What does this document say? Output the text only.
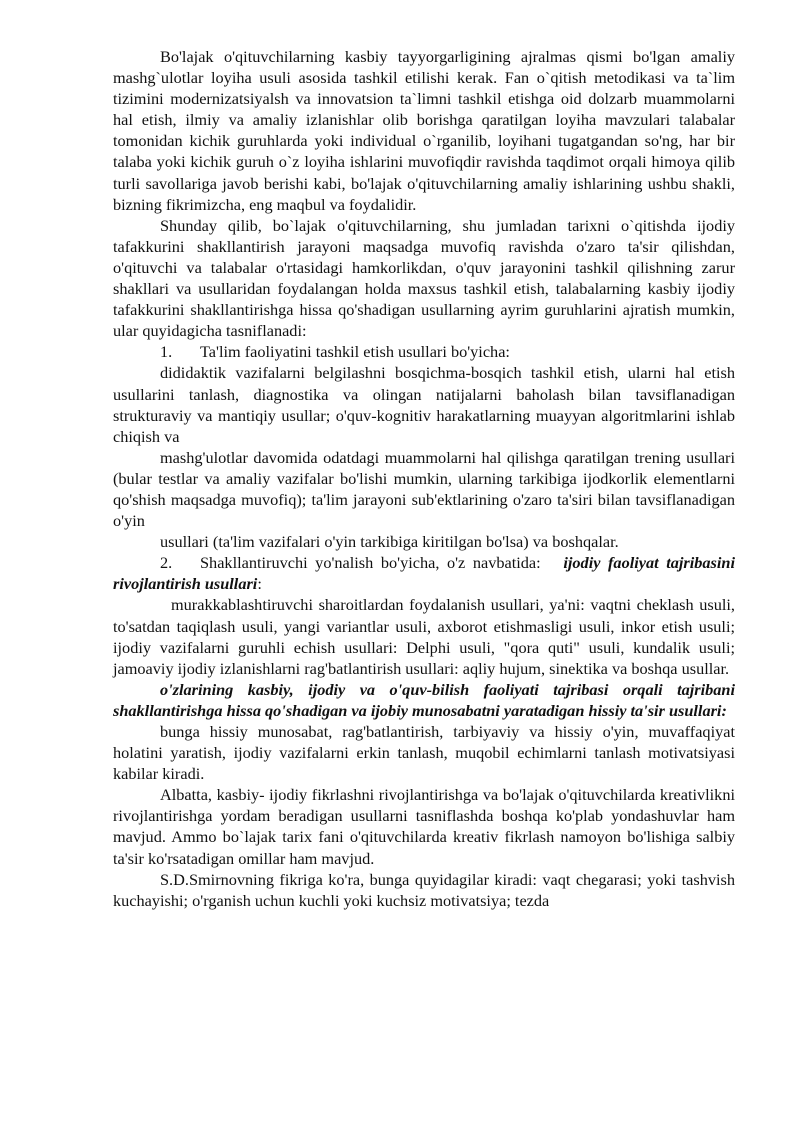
Bo'lajak o'qituvchilarning kasbiy tayyorgarligining ajralmas qismi bo'lgan amaliy mashg`ulotlar loyiha usuli asosida tashkil etilishi kerak. Fan o`qitish metodikasi va ta`lim tizimini modernizatsiyalsh va innovatsion ta`limni tashkil etishga oid dolzarb muammolarni hal etish, ilmiy va amaliy izlanishlar olib borishga qaratilgan loyiha mavzulari talabalar tomonidan kichik guruhlarda yoki individual o`rganilib, loyihani tugatgandan so'ng, har bir talaba yoki kichik guruh o`z loyiha ishlarini muvofiqdir ravishda taqdimot orqali himoya qilib turli savollariga javob berishi kabi, bo'lajak o'qituvchilarning amaliy ishlarining ushbu shakli, bizning fikrimizcha, eng maqbul va foydalidir.

Shunday qilib, bo`lajak o'qituvchilarning, shu jumladan tarixni o`qitishda ijodiy tafakkurini shakllantirish jarayoni maqsadga muvofiq ravishda o'zaro ta'sir qilishdan, o'qituvchi va talabalar o'rtasidagi hamkorlikdan, o'quv jarayonini tashkil qilishning zarur shakllari va usullaridan foydalangan holda maxsus tashkil etish, talabalarning kasbiy ijodiy tafakkurini shakllantirishga hissa qo'shadigan usullarning ayrim guruhlarini ajratish mumkin, ular quyidagicha tasniflanadi:

1. Ta'lim faoliyatini tashkil etish usullari bo'yicha:

dididaktik vazifalarni belgilashni bosqichma-bosqich tashkil etish, ularni hal etish usullarini tanlash, diagnostika va olingan natijalarni baholash bilan tavsiflanadigan strukturaviy va mantiqiy usullar; o'quv-kognitiv harakatlarning muayyan algoritmlarini ishlab chiqish va

mashg'ulotlar davomida odatdagi muammolarni hal qilishga qaratilgan trening usullari (bular testlar va amaliy vazifalar bo'lishi mumkin, ularning tarkibiga ijodkorlik elementlarni qo'shish maqsadga muvofiq); ta'lim jarayoni sub'ektlarining o'zaro ta'siri bilan tavsiflanadigan o'yin

usullari (ta'lim vazifalari o'yin tarkibiga kiritilgan bo'lsa) va boshqalar.

2. Shakllantiruvchi yo'nalish bo'yicha, o'z navbatida: ijodiy faoliyat tajribasini rivojlantirish usullari:

murakkablashtiruvchi sharoitlardan foydalanish usullari, ya'ni: vaqtni cheklash usuli, to'satdan taqiqlash usuli, yangi variantlar usuli, axborot etishmasligi usuli, inkor etish usuli; ijodiy vazifalarni guruhli echish usullari: Delphi usuli, "qora quti" usuli, kundalik usuli; jamoaviy ijodiy izlanishlarni rag'batlantirish usullari: aqliy hujum, sinektika va boshqa usullar.

o'zlarining kasbiy, ijodiy va o'quv-bilish faoliyati tajribasi orqali tajribani shakllantirishga hissa qo'shadigan va ijobiy munosabatni yaratadigan hissiy ta'sir usullari:

bunga hissiy munosabat, rag'batlantirish, tarbiyaviy va hissiy o'yin, muvaffaqiyat holatini yaratish, ijodiy vazifalarni erkin tanlash, muqobil echimlarni tanlash motivatsiyasi kabilar kiradi.

Albatta, kasbiy- ijodiy fikrlashni rivojlantirishga va bo'lajak o'qituvchilarda kreativlikni rivojlantirishga yordam beradigan usullarni tasniflashda boshqa ko'plab yondashuvlar ham mavjud. Ammo bo`lajak tarix fani o'qituvchilarda kreativ fikrlash namoyon bo'lishiga salbiy ta'sir ko'rsatadigan omillar ham mavjud.

S.D.Smirnovning fikriga ko'ra, bunga quyidagilar kiradi: vaqt chegarasi; yoki tashvish kuchayishi; o'rganish uchun kuchli yoki kuchsiz motivatsiya; tezda
